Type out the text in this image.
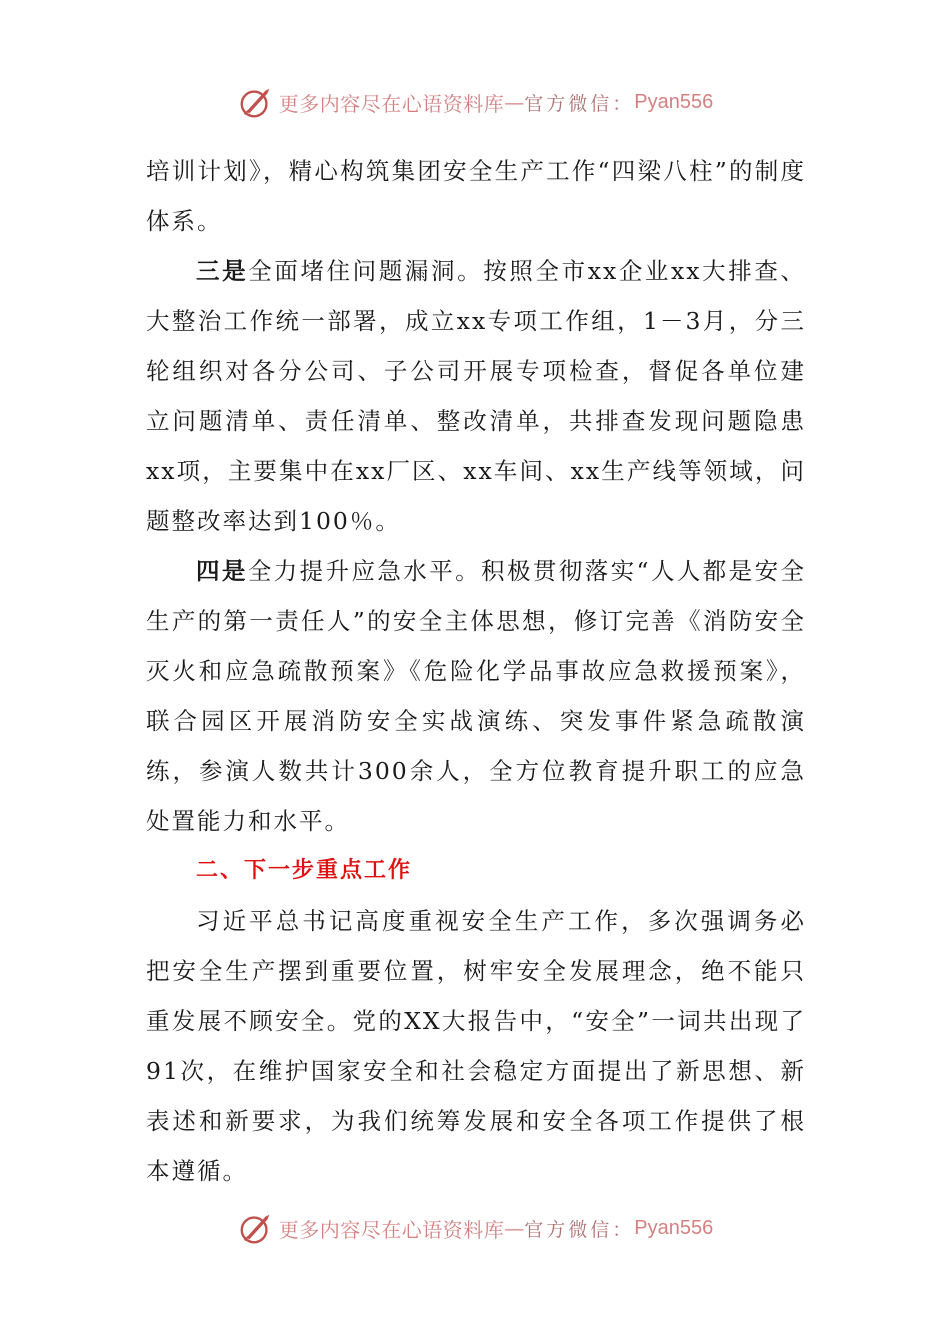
更多内容尽在心语资料库 — 官方微信： Pyan556

培训计划》，精心构筑集团安全生产工作“四梁八柱”的制度体系。

三是全面堵住问题漏洞。按照全市xx企业xx大排查、大整治工作统一部署，成立xx专项工作组，1－3月，分三轮组织对各分公司、子公司开展专项检查，督促各单位建立问题清单、责任清单、整改清单，共排查发现问题隐患xx项，主要集中在xx厂区、xx车间、xx生产线等领域，问题整改率达到100％。

四是全力提升应急水平。积极贯彻落实“人人都是安全生产的第一责任人”的安全主体思想，修订完善《消防安全灭火和应急疏散预案》《危险化学品事故应急救援预案》，联合园区开展消防安全实战演练、突发事件紧急疏散演练，参演人数共计300余人，全方位教育提升职工的应急处置能力和水平。

二、下一步重点工作

习近平总书记高度重视安全生产工作，多次强调务必把安全生产摆到重要位置，树牢安全发展理念，绝不能只重发展不顾安全。党的XX大报告中，“安全”一词共出现了91次，在维护国家安全和社会稳定方面提出了新思想、新表述和新要求，为我们统筹发展和安全各项工作提供了根本遵循。

更多内容尽在心语资料库 — 官方微信： Pyan556
